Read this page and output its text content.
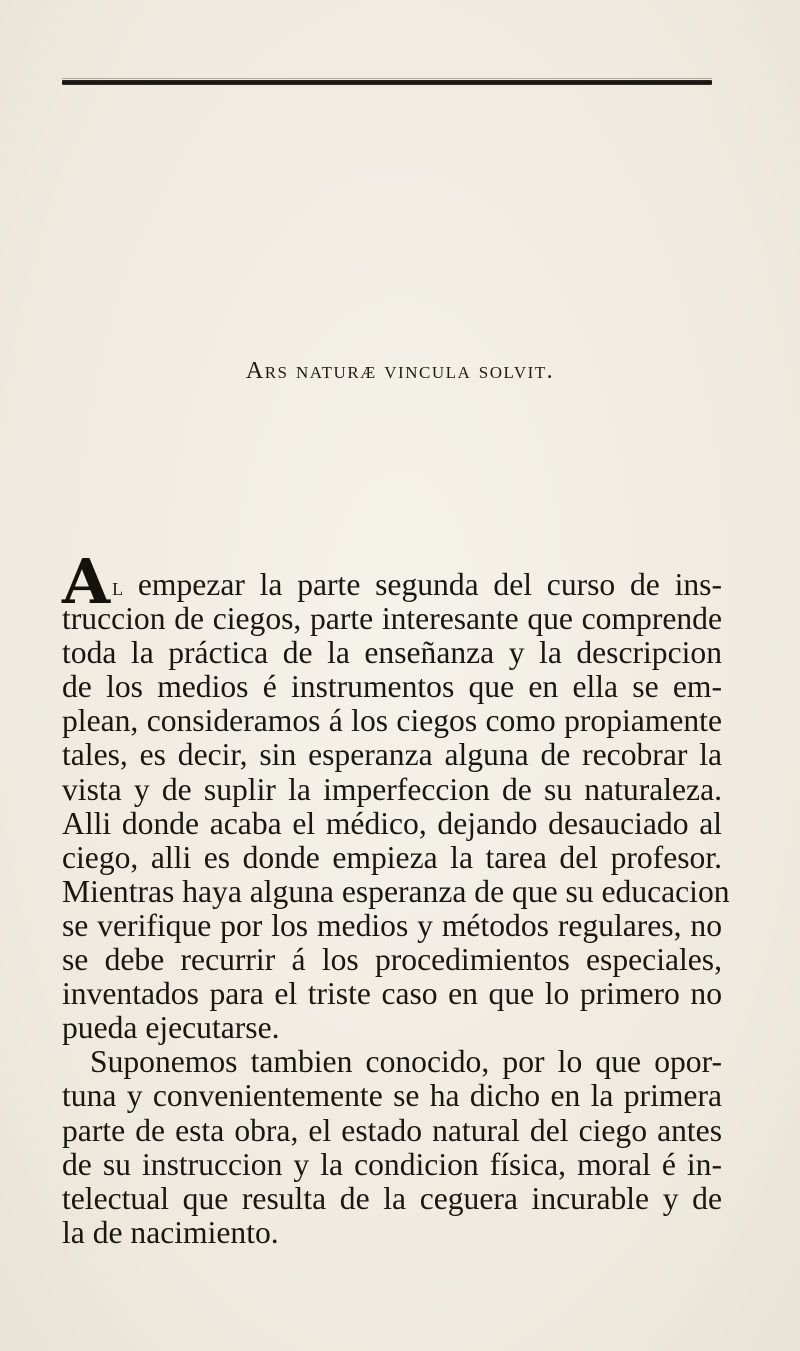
Ars naturæ vincula solvit.
Al empezar la parte segunda del curso de ins-
truccion de ciegos, parte interesante que comprende
toda la práctica de la enseñanza y la descripcion
de los medios é instrumentos que en ella se em-
plean, consideramos á los ciegos como propiamente
tales, es decir, sin esperanza alguna de recobrar la
vista y de suplir la imperfeccion de su naturaleza.
Alli donde acaba el médico, dejando desauciado al
ciego, alli es donde empieza la tarea del profesor.
Mientras haya alguna esperanza de que su educacion
se verifique por los medios y métodos regulares, no
se debe recurrir á los procedimientos especiales,
inventados para el triste caso en que lo primero no
pueda ejecutarse.
Suponemos tambien conocido, por lo que opor-
tuna y convenientemente se ha dicho en la primera
parte de esta obra, el estado natural del ciego antes
de su instruccion y la condicion física, moral é in-
telectual que resulta de la ceguera incurable y de
la de nacimiento.
